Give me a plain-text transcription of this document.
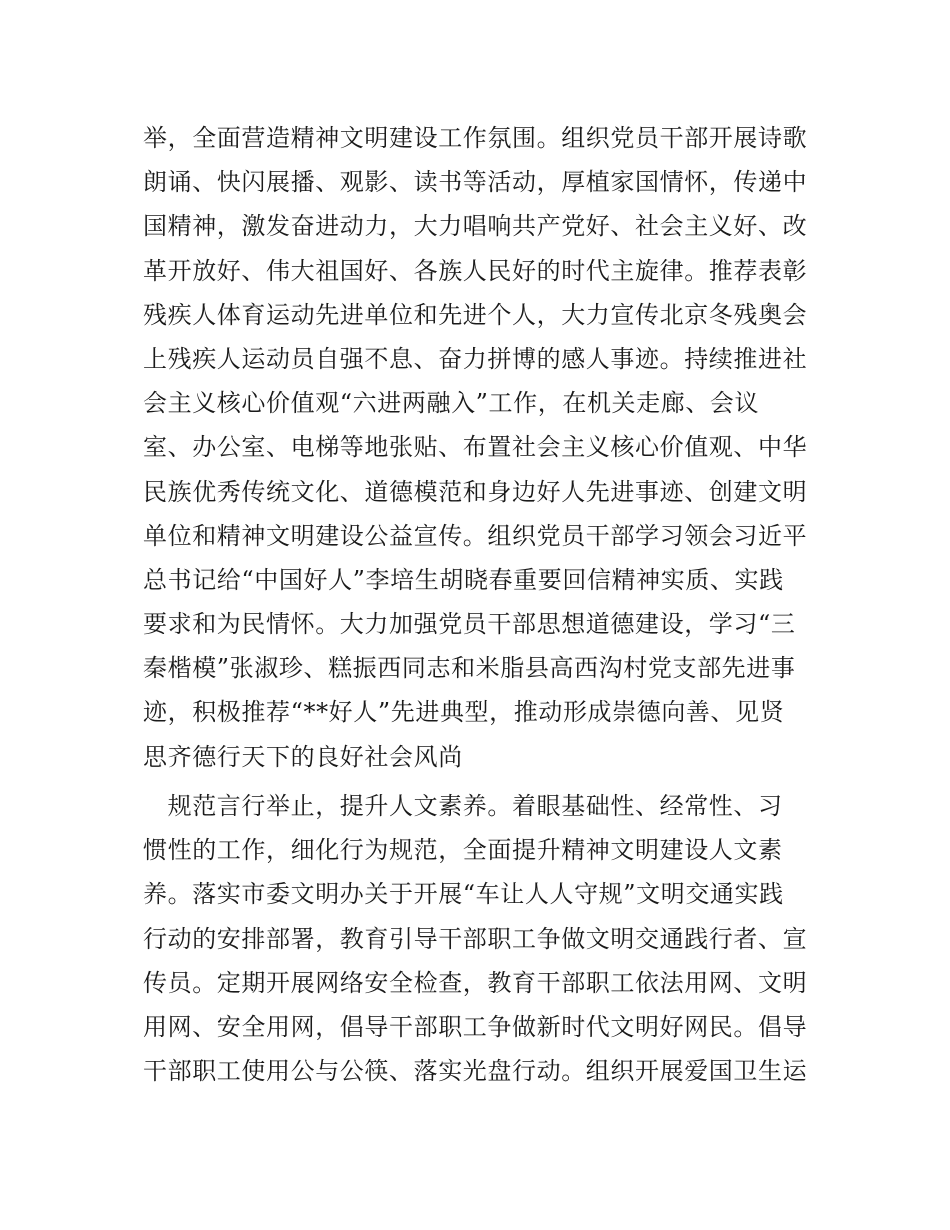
举，全面营造精神文明建设工作氛围。组织党员干部开展诗歌
朗诵、快闪展播、观影、读书等活动，厚植家国情怀，传递中
国精神，激发奋进动力，大力唱响共产党好、社会主义好、改
革开放好、伟大祖国好、各族人民好的时代主旋律。推荐表彰
残疾人体育运动先进单位和先进个人，大力宣传北京冬残奥会
上残疾人运动员自强不息、奋力拼博的感人事迹。持续推进社
会主义核心价值观“六进两融入”工作，在机关走廊、会议
室、办公室、电梯等地张贴、布置社会主义核心价值观、中华
民族优秀传统文化、道德模范和身边好人先进事迹、创建文明
单位和精神文明建设公益宣传。组织党员干部学习领会习近平
总书记给“中国好人”李培生胡晓春重要回信精神实质、实践
要求和为民情怀。大力加强党员干部思想道德建设，学习“三
秦楷模”张淑珍、糕振西同志和米脂县高西沟村党支部先进事
迹，积极推荐“**好人”先进典型，推动形成崇德向善、见贤
思齐德行天下的良好社会风尚
　规范言行举止，提升人文素养。着眼基础性、经常性、习
惯性的工作，细化行为规范，全面提升精神文明建设人文素
养。落实市委文明办关于开展“车让人人守规”文明交通实践
行动的安排部署，教育引导干部职工争做文明交通践行者、宣
传员。定期开展网络安全检查，教育干部职工依法用网、文明
用网、安全用网，倡导干部职工争做新时代文明好网民。倡导
干部职工使用公与公筷、落实光盘行动。组织开展爱国卫生运
